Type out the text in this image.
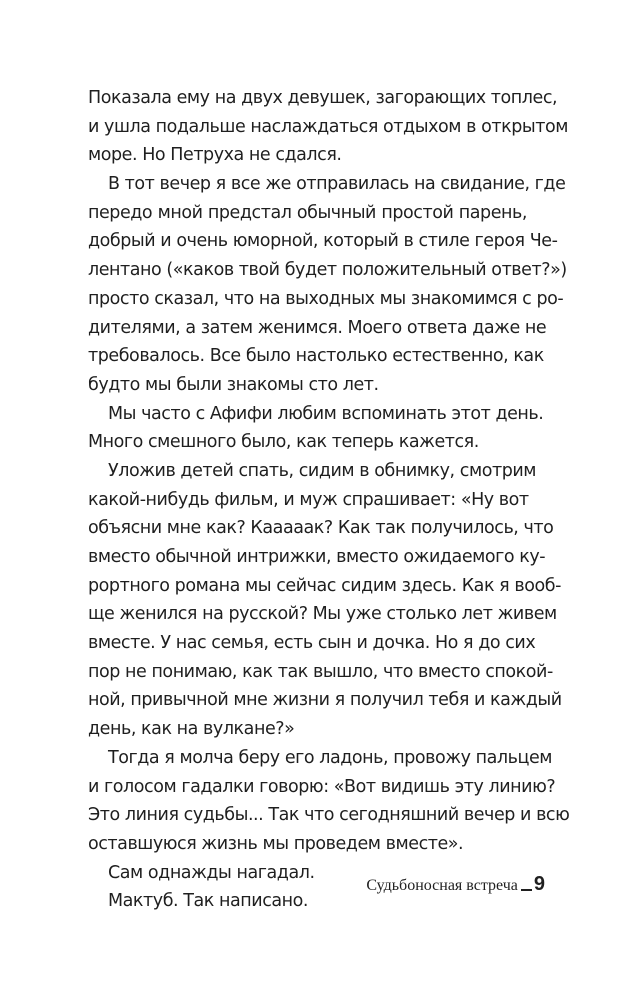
Показала ему на двух девушек, загорающих топлес,
и ушла подальше наслаждаться отдыхом в открытом
море. Но Петруха не сдался.
В тот вечер я все же отправилась на свидание, где
передо мной предстал обычный простой парень,
добрый и очень юморной, который в стиле героя Че-
лентано («каков твой будет положительный ответ?»)
просто сказал, что на выходных мы знакомимся с ро-
дителями, а затем женимся. Моего ответа даже не
требовалось. Все было настолько естественно, как
будто мы были знакомы сто лет.
Мы часто с Афифи любим вспоминать этот день.
Много смешного было, как теперь кажется.
Уложив детей спать, сидим в обнимку, смотрим
какой-нибудь фильм, и муж спрашивает: «Ну вот
объясни мне как? Кааааак? Как так получилось, что
вместо обычной интрижки, вместо ожидаемого ку-
рортного романа мы сейчас сидим здесь. Как я вооб-
ще женился на русской? Мы уже столько лет живем
вместе. У нас семья, есть сын и дочка. Но я до сих
пор не понимаю, как так вышло, что вместо спокой-
ной, привычной мне жизни я получил тебя и каждый
день, как на вулкане?»
Тогда я молча беру его ладонь, провожу пальцем
и голосом гадалки говорю: «Вот видишь эту линию?
Это линия судьбы... Так что сегодняшний вечер и всю
оставшуюся жизнь мы проведем вместе».
Сам однажды нагадал.
Мактуб. Так написано.
Судьбоносная встреча 9
